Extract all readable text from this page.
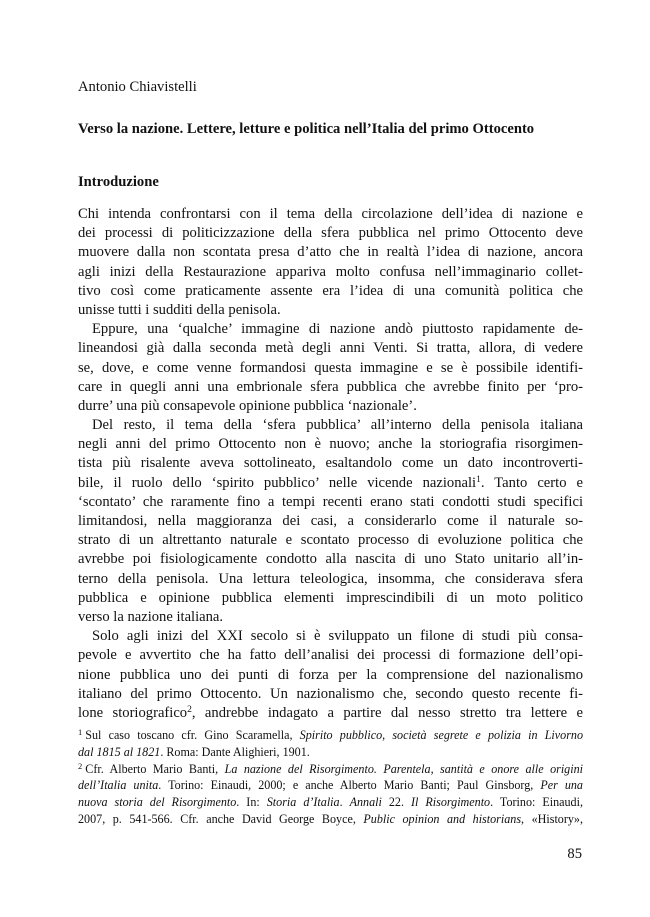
Antonio Chiavistelli

Verso la nazione. Lettere, letture e politica nell’Italia del primo Ottocento

Introduzione
Chi intenda confrontarsi con il tema della circolazione dell’idea di nazione e
dei processi di politicizzazione della sfera pubblica nel primo Ottocento deve
muovere dalla non scontata presa d’atto che in realtà l’idea di nazione, ancora
agli inizi della Restaurazione appariva molto confusa nell’immaginario collet-
tivo così come praticamente assente era l’idea di una comunità politica che
unisse tutti i sudditi della penisola.
Eppure, una ‘qualche’ immagine di nazione andò piuttosto rapidamente de-
lineandosi già dalla seconda metà degli anni Venti. Si tratta, allora, di vedere
se, dove, e come venne formandosi questa immagine e se è possibile identifi-
care in quegli anni una embrionale sfera pubblica che avrebbe finito per ‘pro-
durre’ una più consapevole opinione pubblica ‘nazionale’.
Del resto, il tema della ‘sfera pubblica’ all’interno della penisola italiana
negli anni del primo Ottocento non è nuovo; anche la storiografia risorgimen-
tista più risalente aveva sottolineato, esaltandolo come un dato incontroverti-
bile, il ruolo dello ‘spirito pubblico’ nelle vicende nazionali$^1$. Tanto certo e
‘scontato’ che raramente fino a tempi recenti erano stati condotti studi specifici
limitandosi, nella maggioranza dei casi, a considerarlo come il naturale so-
strato di un altrettanto naturale e scontato processo di evoluzione politica che
avrebbe poi fisiologicamente condotto alla nascita di uno Stato unitario all’in-
terno della penisola. Una lettura teleologica, insomma, che considerava sfera
pubblica e opinione pubblica elementi imprescindibili di un moto politico
verso la nazione italiana.
Solo agli inizi del XXI secolo si è sviluppato un filone di studi più consa-
pevole e avvertito che ha fatto dell’analisi dei processi di formazione dell’opi-
nione pubblica uno dei punti di forza per la comprensione del nazionalismo
italiano del primo Ottocento. Un nazionalismo che, secondo questo recente fi-
lone storiografico$^2$, andrebbe indagato a partire dal nesso stretto tra lettere e
$^1$ Sul caso toscano cfr. Gino Scaramella, Spirito pubblico, società segrete e polizia in Livorno
dal 1815 al 1821. Roma: Dante Alighieri, 1901.
$^2$ Cfr. Alberto Mario Banti, La nazione del Risorgimento. Parentela, santità e onore alle origini
dell’Italia unita. Torino: Einaudi, 2000; e anche Alberto Mario Banti; Paul Ginsborg, Per una
nuova storia del Risorgimento. In: Storia d’Italia. Annali 22. Il Risorgimento. Torino: Einaudi,
2007, p. 541-566. Cfr. anche David George Boyce, Public opinion and historians, «History»,

85
